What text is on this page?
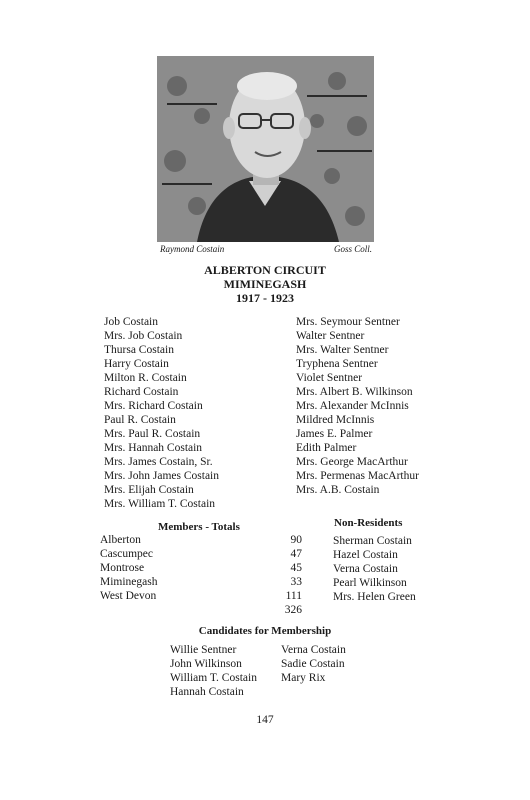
Raymond Costain	Goss Coll.
ALBERTON CIRCUIT
MIMINEGASH
1917 - 1923
Job Costain
Mrs. Job Costain
Thursa Costain
Harry Costain
Milton R. Costain
Richard Costain
Mrs. Richard Costain
Paul R. Costain
Mrs. Paul R. Costain
Mrs. Hannah Costain
Mrs. James Costain, Sr.
Mrs. John James Costain
Mrs. Elijah Costain
Mrs. William T. Costain
Mrs. Seymour Sentner
Walter Sentner
Mrs. Walter Sentner
Tryphena Sentner
Violet Sentner
Mrs. Albert B. Wilkinson
Mrs. Alexander McInnis
Mildred McInnis
James E. Palmer
Edith Palmer
Mrs. George MacArthur
Mrs. Permenas MacArthur
Mrs. A.B. Costain
Members - Totals
Alberton	90
Cascumpec	47
Montrose	45
Miminegash	33
West Devon	111
326
Non-Residents
Sherman Costain
Hazel Costain
Verna Costain
Pearl Wilkinson
Mrs. Helen Green
Candidates for Membership
Willie Sentner
John Wilkinson
William T. Costain
Hannah Costain
Verna Costain
Sadie Costain
Mary Rix
147
